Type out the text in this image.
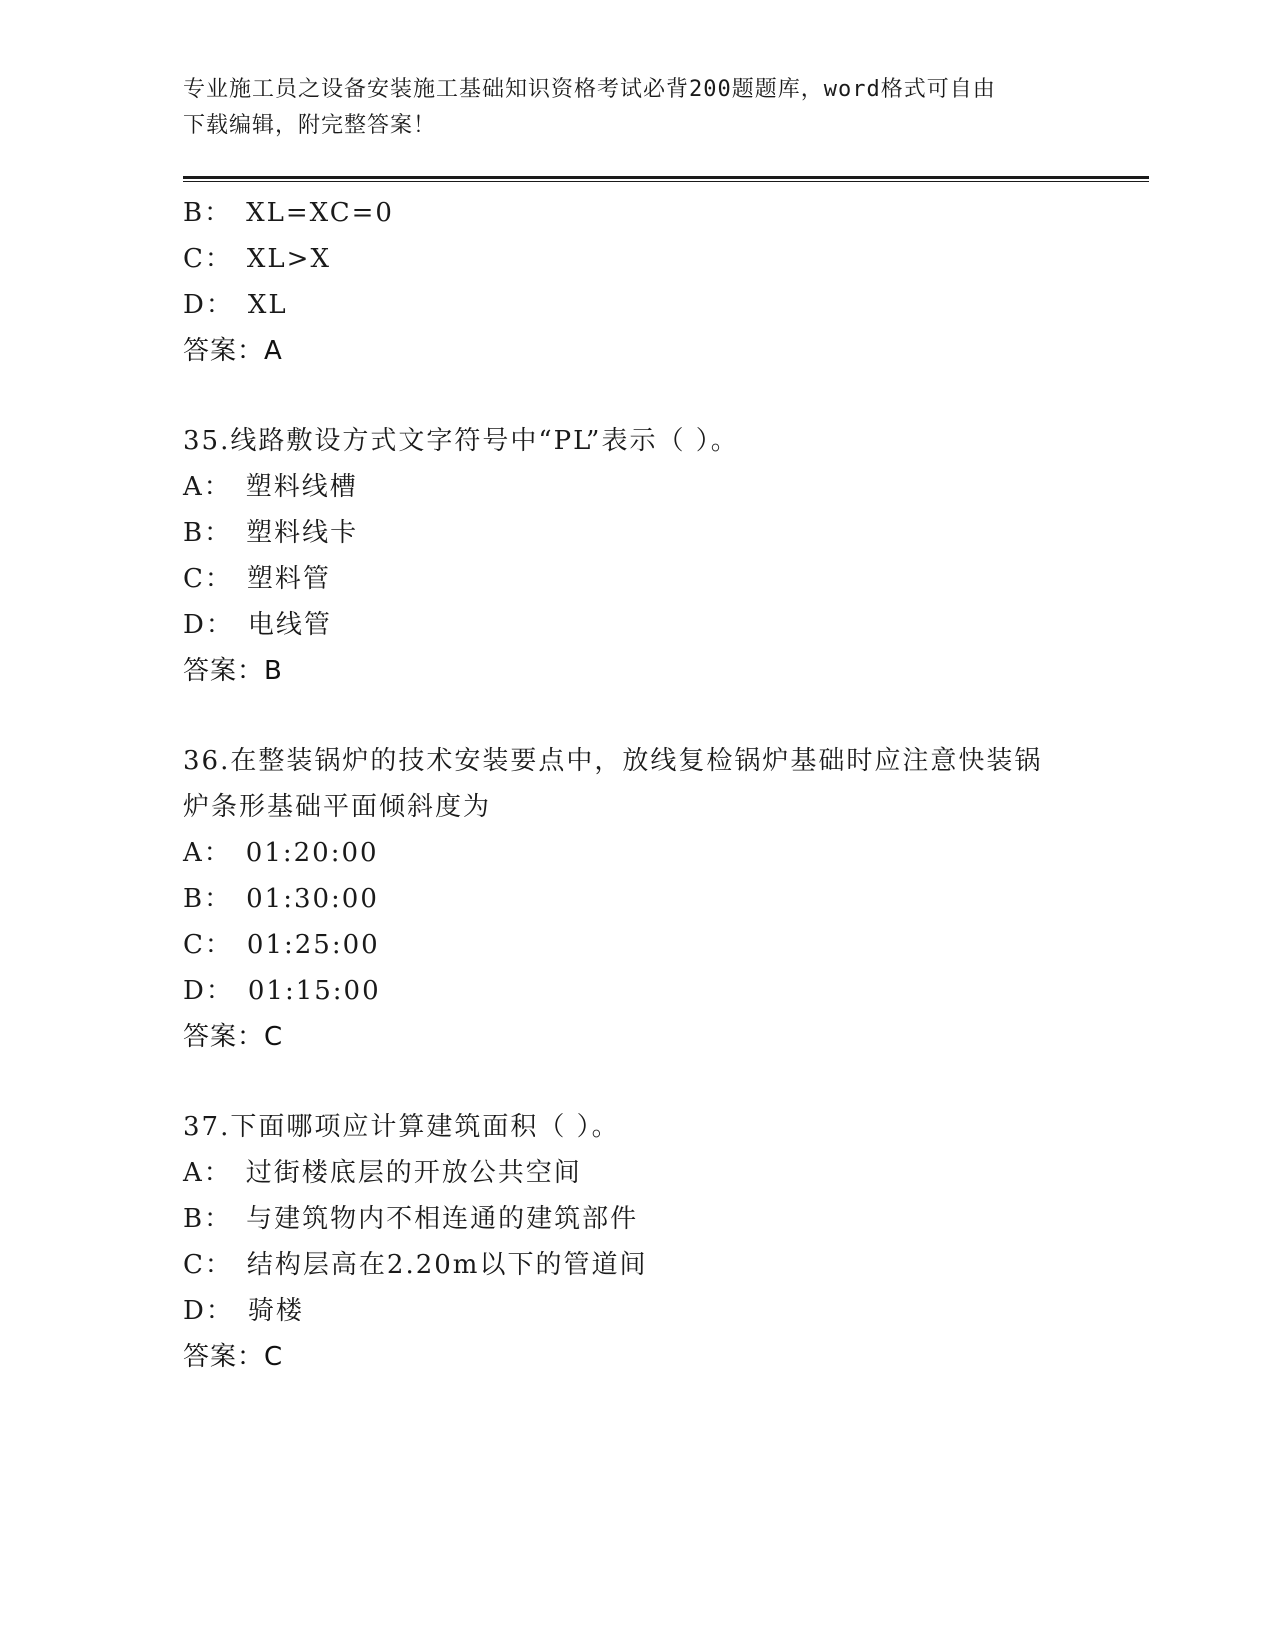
专业施工员之设备安装施工基础知识资格考试必背200题题库，word格式可自由
下载编辑，附完整答案！
B： XL=XC=0
C： XL>X
D： XL
答案：A
35.线路敷设方式文字符号中“PL”表示（ ）。
A： 塑料线槽
B： 塑料线卡
C： 塑料管
D： 电线管
答案：B
36.在整装锅炉的技术安装要点中，放线复检锅炉基础时应注意快装锅
炉条形基础平面倾斜度为
A： 01:20:00
B： 01:30:00
C： 01:25:00
D： 01:15:00
答案：C
37.下面哪项应计算建筑面积（ ）。
A： 过街楼底层的开放公共空间
B： 与建筑物内不相连通的建筑部件
C： 结构层高在2.20m以下的管道间
D： 骑楼
答案：C
